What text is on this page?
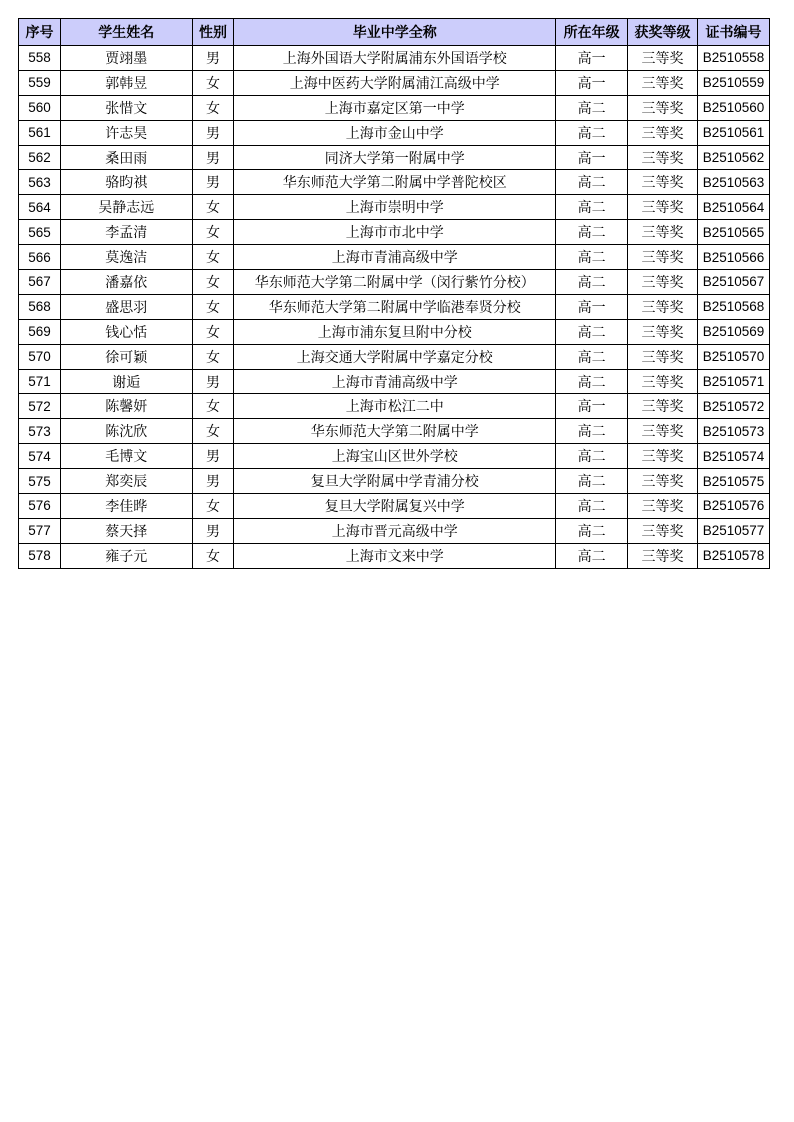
序号	学生姓名	性别	毕业中学全称	所在年级	获奖等级	证书编号
558	贾翊墨	男	上海外国语大学附属浦东外国语学校	高一	三等奖	B2510558
559	郭韩昱	女	上海中医药大学附属浦江高级中学	高一	三等奖	B2510559
560	张惜文	女	上海市嘉定区第一中学	高二	三等奖	B2510560
561	许志昊	男	上海市金山中学	高二	三等奖	B2510561
562	桑田雨	男	同济大学第一附属中学	高一	三等奖	B2510562
563	骆昀祺	男	华东师范大学第二附属中学普陀校区	高二	三等奖	B2510563
564	吴静志远	女	上海市崇明中学	高二	三等奖	B2510564
565	李孟清	女	上海市市北中学	高二	三等奖	B2510565
566	莫逸洁	女	上海市青浦高级中学	高二	三等奖	B2510566
567	潘嘉依	女	华东师范大学第二附属中学（闵行紫竹分校）	高二	三等奖	B2510567
568	盛思羽	女	华东师范大学第二附属中学临港奉贤分校	高一	三等奖	B2510568
569	钱心恬	女	上海市浦东复旦附中分校	高二	三等奖	B2510569
570	徐可颖	女	上海交通大学附属中学嘉定分校	高二	三等奖	B2510570
571	谢逅	男	上海市青浦高级中学	高二	三等奖	B2510571
572	陈馨妍	女	上海市松江二中	高一	三等奖	B2510572
573	陈沈欣	女	华东师范大学第二附属中学	高二	三等奖	B2510573
574	毛博文	男	上海宝山区世外学校	高二	三等奖	B2510574
575	郑奕辰	男	复旦大学附属中学青浦分校	高二	三等奖	B2510575
576	李佳晔	女	复旦大学附属复兴中学	高二	三等奖	B2510576
577	蔡天择	男	上海市晋元高级中学	高二	三等奖	B2510577
578	雍子元	女	上海市文来中学	高二	三等奖	B2510578
